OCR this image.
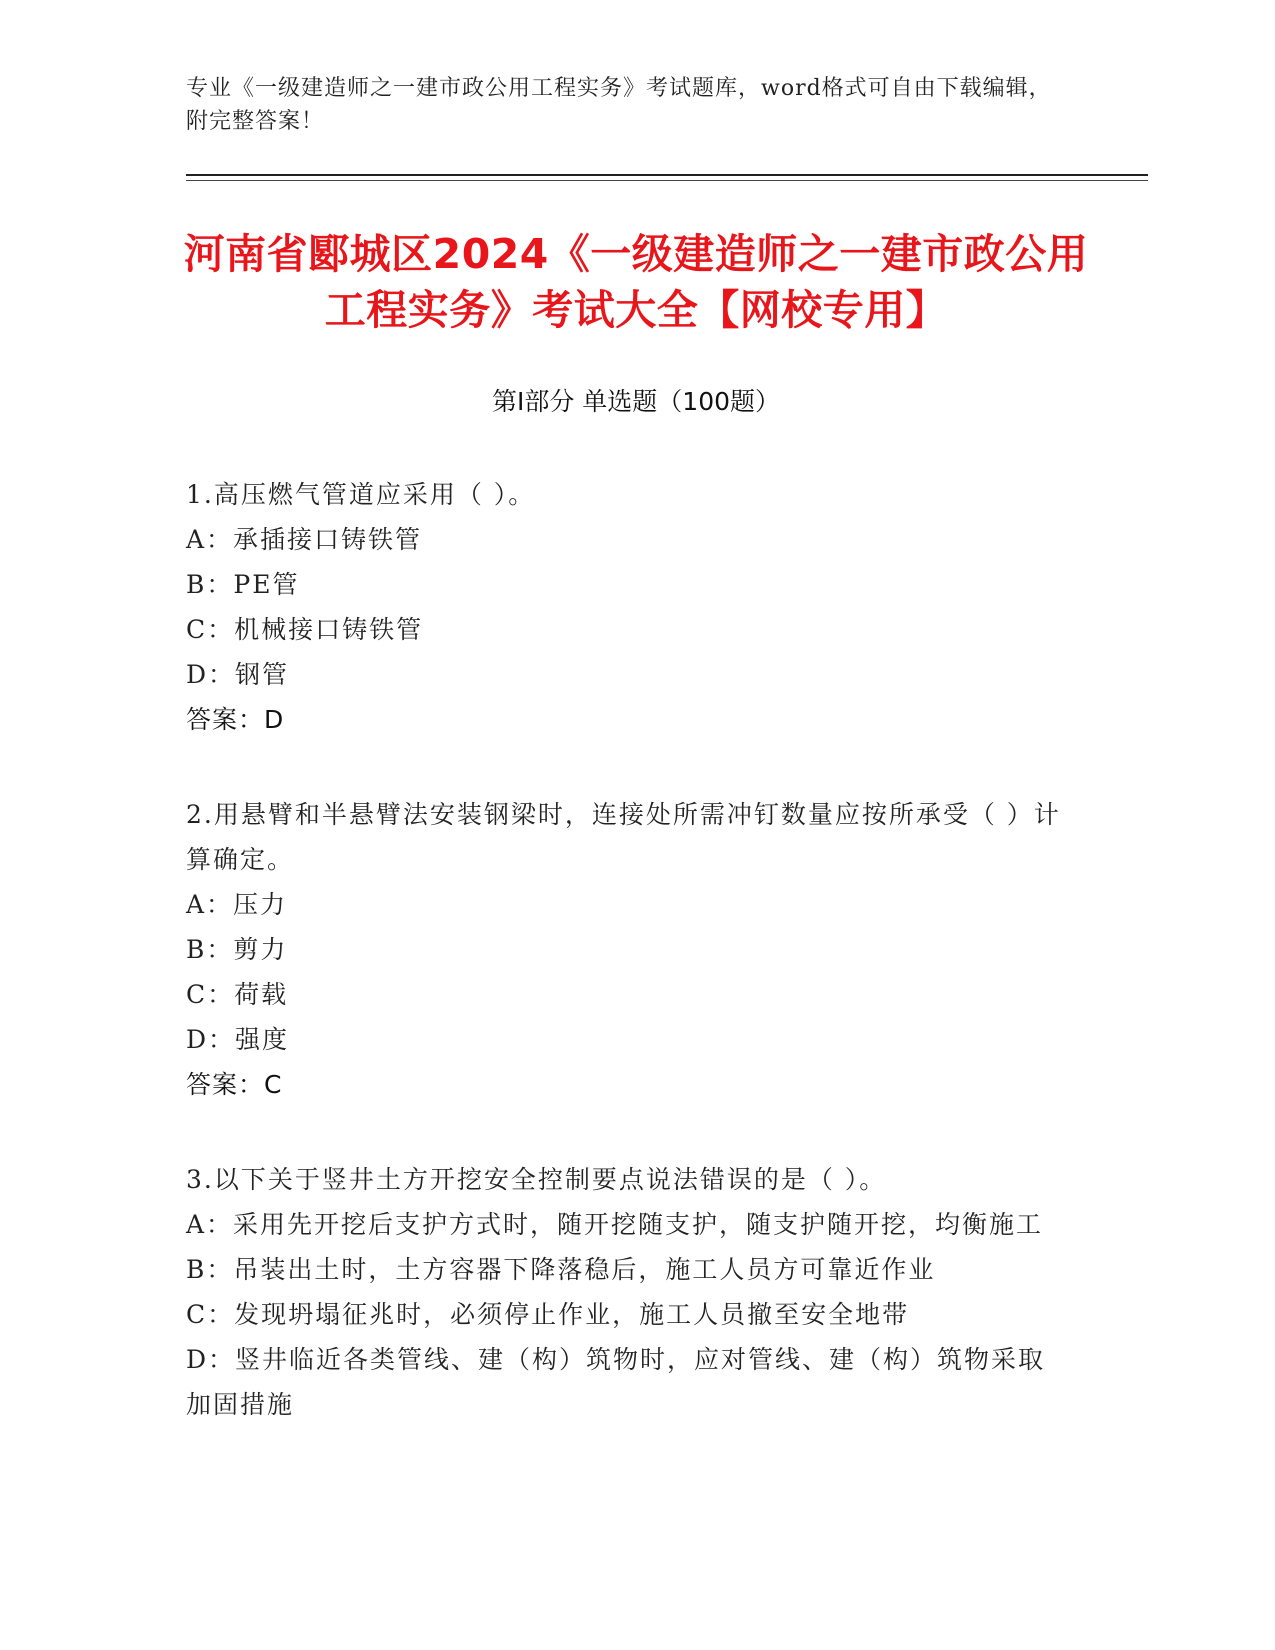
专业《一级建造师之一建市政公用工程实务》考试题库，word格式可自由下载编辑，附完整答案！
河南省郾城区2024《一级建造师之一建市政公用工程实务》考试大全【网校专用】
第Ⅰ部分 单选题（100题）
1.高压燃气管道应采用（ ）。
A：承插接口铸铁管
B：PE管
C：机械接口铸铁管
D：钢管
答案：D
2.用悬臂和半悬臂法安装钢梁时，连接处所需冲钉数量应按所承受（ ）计算确定。
A：压力
B：剪力
C：荷载
D：强度
答案：C
3.以下关于竖井土方开挖安全控制要点说法错误的是（ ）。
A：采用先开挖后支护方式时，随开挖随支护，随支护随开挖，均衡施工
B：吊装出土时，土方容器下降落稳后，施工人员方可靠近作业
C：发现坍塌征兆时，必须停止作业，施工人员撤至安全地带
D：竖井临近各类管线、建（构）筑物时，应对管线、建（构）筑物采取加固措施
